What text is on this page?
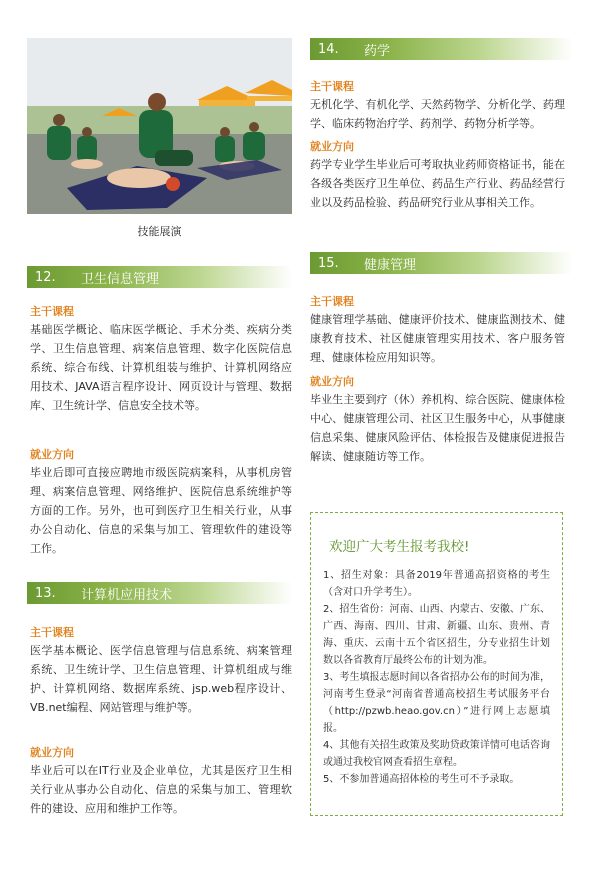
技能展演
12.	卫生信息管理
主干课程
基础医学概论、临床医学概论、手术分类、疾病分类学、卫生信息管理、病案信息管理、数字化医院信息系统、综合布线、计算机组装与维护、计算机网络应用技术、JAVA语言程序设计、网页设计与管理、数据库、卫生统计学、信息安全技术等。
就业方向
毕业后即可直接应聘地市级医院病案科，从事机房管理、病案信息管理、网络维护、医院信息系统维护等方面的工作。另外，也可到医疗卫生相关行业，从事办公自动化、信息的采集与加工、管理软件的建设等工作。
13.	计算机应用技术
主干课程
医学基本概论、医学信息管理与信息系统、病案管理系统、卫生统计学、卫生信息管理、计算机组成与维护、计算机网络、数据库系统、jsp.web程序设计、VB.net编程、网站管理与维护等。
就业方向
毕业后可以在IT行业及企业单位，尤其是医疗卫生相关行业从事办公自动化、信息的采集与加工、管理软件的建设、应用和维护工作等。
14.	药学
主干课程
无机化学、有机化学、天然药物学、分析化学、药理学、临床药物治疗学、药剂学、药物分析学等。
就业方向
药学专业学生毕业后可考取执业药师资格证书，能在各级各类医疗卫生单位、药品生产行业、药品经营行业以及药品检验、药品研究行业从事相关工作。
15.	健康管理
主干课程
健康管理学基础、健康评价技术、健康监测技术、健康教育技术、社区健康管理实用技术、客户服务管理、健康体检应用知识等。
就业方向
毕业生主要到疗（休）养机构、综合医院、健康体检中心、健康管理公司、社区卫生服务中心，从事健康信息采集、健康风险评估、体检报告及健康促进报告解读、健康随访等工作。
欢迎广大考生报考我校!
1、招生对象：具备2019年普通高招资格的考生（含对口升学考生）。
2、招生省份：河南、山西、内蒙古、安徽、广东、广西、海南、四川、甘肃、新疆、山东、贵州、青海、重庆、云南十五个省区招生，分专业招生计划数以各省教育厅最终公布的计划为准。
3、考生填报志愿时间以各省招办公布的时间为准，河南考生登录“河南省普通高校招生考试服务平台（http://pzwb.heao.gov.cn）”进行网上志愿填报。
4、其他有关招生政策及奖助贷政策详情可电话咨询或通过我校官网查看招生章程。
5、不参加普通高招体检的考生可不予录取。
